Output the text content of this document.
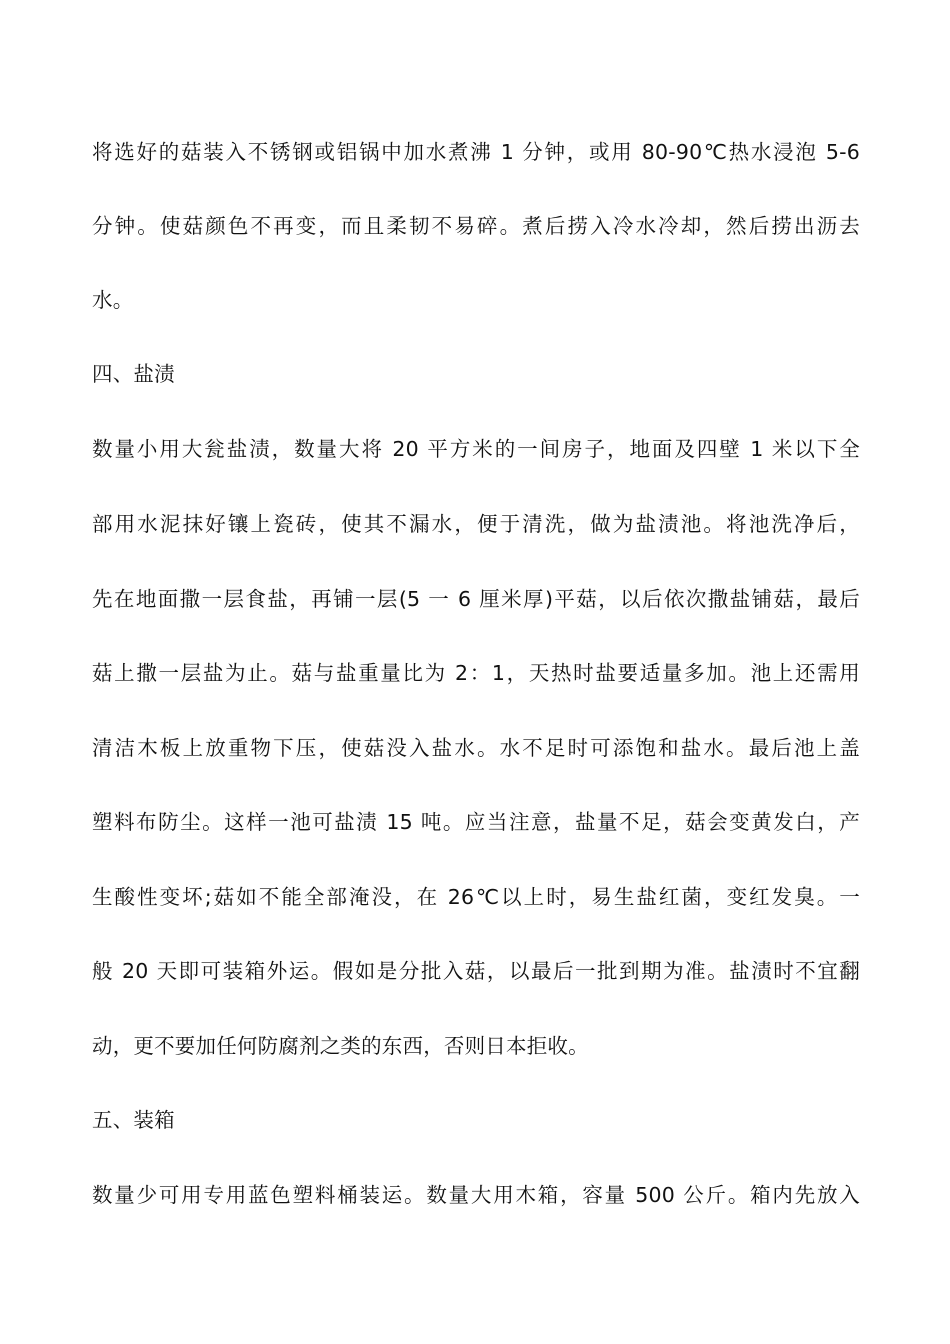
将选好的菇装入不锈钢或铝锅中加水煮沸 1 分钟，或用 80-90℃热水浸泡 5-6
分钟。使菇颜色不再变，而且柔韧不易碎。煮后捞入冷水冷却，然后捞出沥去
水。
四、盐渍
数量小用大瓮盐渍，数量大将 20 平方米的一间房子，地面及四壁 1 米以下全
部用水泥抹好镶上瓷砖，使其不漏水，便于清洗，做为盐渍池。将池洗净后，
先在地面撒一层食盐，再铺一层(5 一 6 厘米厚)平菇，以后依次撒盐铺菇，最后
菇上撒一层盐为止。菇与盐重量比为 2：1，天热时盐要适量多加。池上还需用
清洁木板上放重物下压，使菇没入盐水。水不足时可添饱和盐水。最后池上盖
塑料布防尘。这样一池可盐渍 15 吨。应当注意，盐量不足，菇会变黄发白，产
生酸性变坏;菇如不能全部淹没，在 26℃以上时，易生盐红菌，变红发臭。一
般 20 天即可装箱外运。假如是分批入菇，以最后一批到期为准。盐渍时不宜翻
动，更不要加任何防腐剂之类的东西，否则日本拒收。
五、装箱
数量少可用专用蓝色塑料桶装运。数量大用木箱，容量 500 公斤。箱内先放入
